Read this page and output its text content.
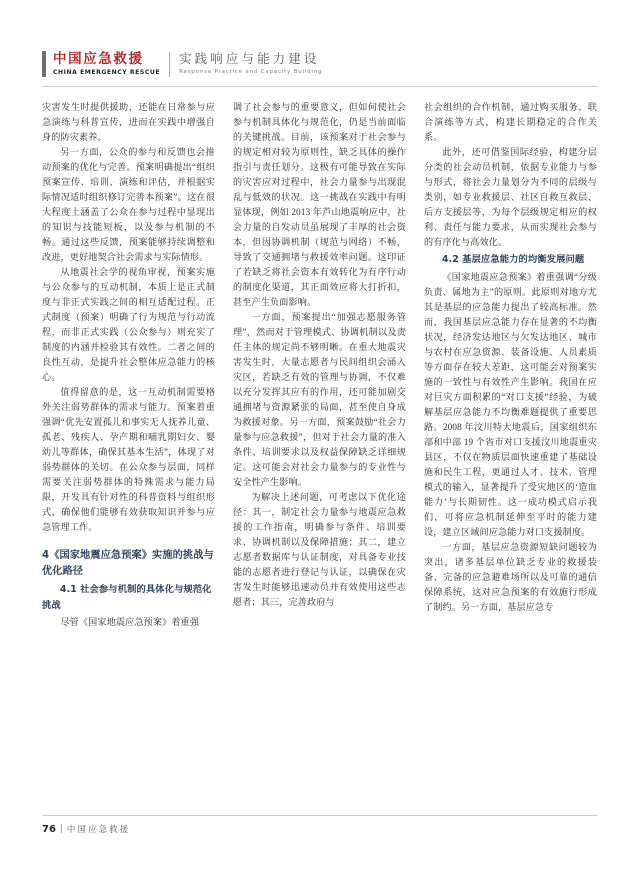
中国应急救援
CHINA EMERGENCY RESCUE
实践响应与能力建设
Response Practice and Capacity Building

灾害发生时提供援助，还能在日常参与应急演练与科普宣传，进而在实践中增强自身的防灾素养。

另一方面，公众的参与和反馈也会推动预案的优化与完善。预案明确提出“组织预案宣传、培训、演练和评估，并根据实际情况适时组织修订完善本预案”。这在很大程度上涵盖了公众在参与过程中显现出的知识与技能短板，以及参与机制的不畅。通过这些反馈，预案能够持续调整和改进，更好地契合社会需求与实际情形。

从地震社会学的视角审视，预案实施与公众参与的互动机制，本质上是正式制度与非正式实践之间的相互适配过程。正式制度（预案）明确了行为规范与行动流程，而非正式实践（公众参与）则充实了制度的内涵并检验其有效性。二者之间的良性互动，是提升社会整体应急能力的核心。

值得留意的是，这一互动机制需要格外关注弱势群体的需求与能力。预案着重强调“优先安置孤儿和事实无人抚养儿童、孤老、残疾人、孕产期和哺乳期妇女、婴幼儿等群体，确保其基本生活”，体现了对弱势群体的关切。在公众参与层面，同样需要关注弱势群体的特殊需求与能力局限，开发具有针对性的科普资料与组织形式，确保他们能够有效获取知识并参与应急管理工作。

4《国家地震应急预案》实施的挑战与优化路径
4.1 社会参与机制的具体化与规范化挑战

尽管《国家地震应急预案》着重强

调了社会参与的重要意义，但如何使社会参与机制具体化与规范化，仍是当前面临的关键挑战。目前，该预案对于社会参与的规定相对较为原则性，缺乏具体的操作指引与责任划分。这极有可能导致在实际的灾害应对过程中，社会力量参与出现混乱与低效的状况。这一挑战在实践中有明显体现，例如 2013 年芦山地震响应中，社会力量的自发动员虽展现了丰厚的社会资本，但因协调机制（规范与网络）不畅，导致了交通拥堵与救援效率问题。这印证了若缺乏将社会资本有效转化为有序行动的制度化渠道，其正面效应将大打折扣，甚至产生负面影响。

一方面，预案提出“加强志愿服务管理”，然而对于管理模式、协调机制以及责任主体的规定尚不够明晰。在重大地震灾害发生时，大量志愿者与民间组织会涌入灾区，若缺乏有效的管理与协调，不仅难以充分发挥其应有的作用，还可能加剧交通拥堵与资源紧张的局面，甚至使自身成为救援对象。另一方面，预案鼓励“社会力量参与应急救援”，但对于社会力量的准入条件、培训要求以及权益保障缺乏详细规定。这可能会对社会力量参与的专业性与安全性产生影响。

为解决上述问题，可考虑以下优化途径：其一，制定社会力量参与地震应急救援的工作指南，明确参与条件、培训要求、协调机制以及保障措施；其二，建立志愿者数据库与认证制度，对具备专业技能的志愿者进行登记与认证，以确保在灾害发生时能够迅速动员并有效使用这些志愿者；其三，完善政府与

社会组织的合作机制，通过购买服务、联合演练等方式，构建长期稳定的合作关系。

此外，还可借鉴国际经验，构建分层分类的社会动员机制，依据专业能力与参与形式，将社会力量划分为不同的层级与类别，如专业救援层、社区自救互救层、后方支援层等，为每个层级规定相应的权利、责任与能力要求，从而实现社会参与的有序化与高效化。

4.2 基层应急能力的均衡发展问题

《国家地震应急预案》着重强调“分级负责、属地为主”的原则。此原则对地方尤其是基层的应急能力提出了较高标准。然而，我国基层应急能力存在显著的不均衡状况，经济发达地区与欠发达地区、城市与农村在应急资源、装备设施、人员素质等方面存在较大差距，这可能会对预案实施的一致性与有效性产生影响。我国在应对巨灾方面积累的“对口支援”经验，为破解基层应急能力不均衡难题提供了重要思路。2008 年汶川特大地震后，国家组织东部和中部 19 个省市对口支援汶川地震重灾县区，不仅在物质层面快速重建了基础设施和民生工程，更通过人才、技术、管理模式的输入，显著提升了受灾地区的‘造血能力’与长期韧性。这一成功模式启示我们，可将应急机制延伸至平时的能力建设，建立区域间应急能力对口支援制度。

一方面，基层应急资源短缺问题较为突出，诸多基层单位缺乏专业的救援装备、完备的应急避难场所以及可靠的通信保障系统，这对应急预案的有效施行形成了制约。另一方面，基层应急专

76 中国应急救援
